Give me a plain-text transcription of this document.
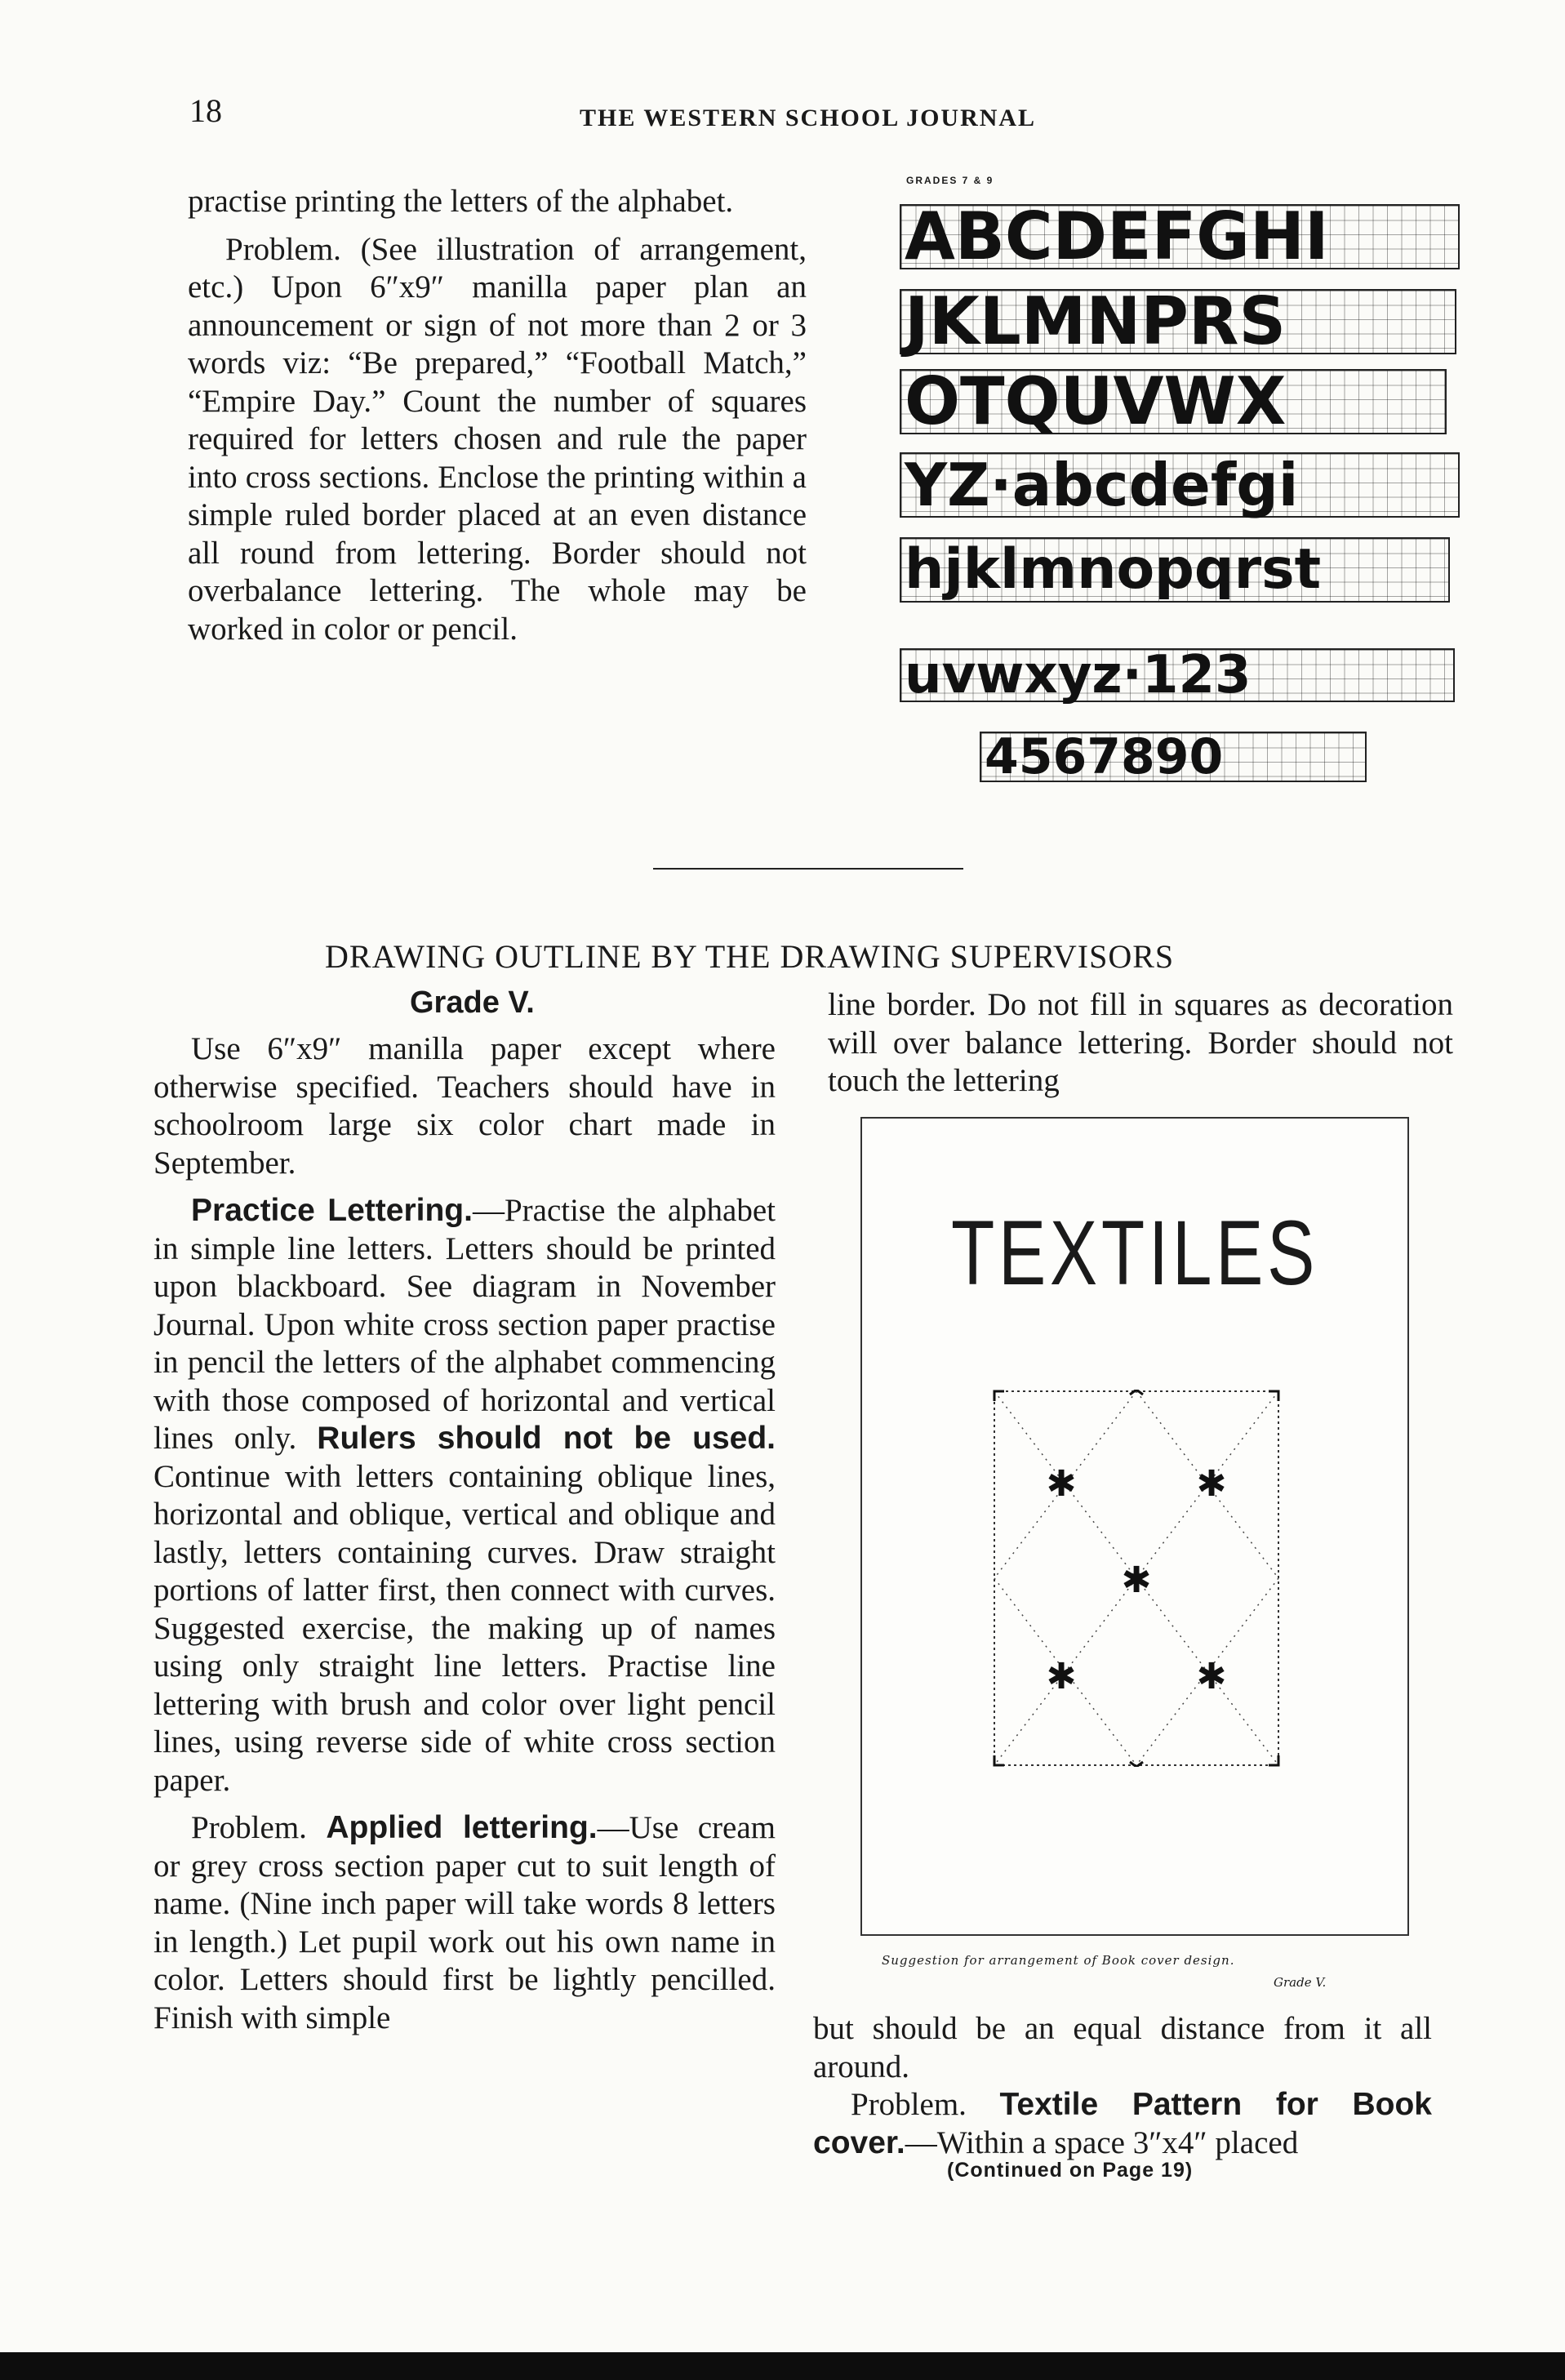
18	THE WESTERN SCHOOL JOURNAL

practise printing the letters of the alphabet.

Problem. (See illustration of arrangement, etc.) Upon 6″x9″ manilla paper plan an announcement or sign of not more than 2 or 3 words viz: “Be prepared,” “Football Match,” “Empire Day.” Count the number of squares required for letters chosen and rule the paper into cross sections. Enclose the printing within a simple ruled border placed at an even distance all round from lettering. Border should not overbalance lettering. The whole may be worked in color or pencil.

GRADES 7 & 9
ABCDEFGHI
JKLMNPRS
OTQUVWX
YZ·abcdefgi
hjklmnopqrst
uvwxyz·123
4567890
DRAWING OUTLINE BY THE DRAWING SUPERVISORS
Grade V.

Use 6″x9″ manilla paper except where otherwise specified. Teachers should have in schoolroom large six color chart made in September.

Practice Lettering.—Practise the alphabet in simple line letters. Letters should be printed upon blackboard. See diagram in November Journal. Upon white cross section paper practise in pencil the letters of the alphabet commencing with those composed of horizontal and vertical lines only. Rulers should not be used. Continue with letters containing oblique lines, horizontal and oblique, vertical and oblique and lastly, letters containing curves. Draw straight portions of latter first, then connect with curves. Suggested exercise, the making up of names using only straight line letters. Practise line lettering with brush and color over light pencil lines, using reverse side of white cross section paper.

Problem. Applied lettering.—Use cream or grey cross section paper cut to suit length of name. (Nine inch paper will take words 8 letters in length.) Let pupil work out his own name in color. Letters should first be lightly pencilled. Finish with simple

line border. Do not fill in squares as decoration will over balance lettering. Border should not touch the lettering

TEXTILES
✱	✱
✱
✱	✱
Suggestion for arrangement of Book cover design.
Grade V.

but should be an equal distance from it all around.

Problem. Textile Pattern for Book cover.—Within a space 3″x4″ placed

(Continued on Page 19)
